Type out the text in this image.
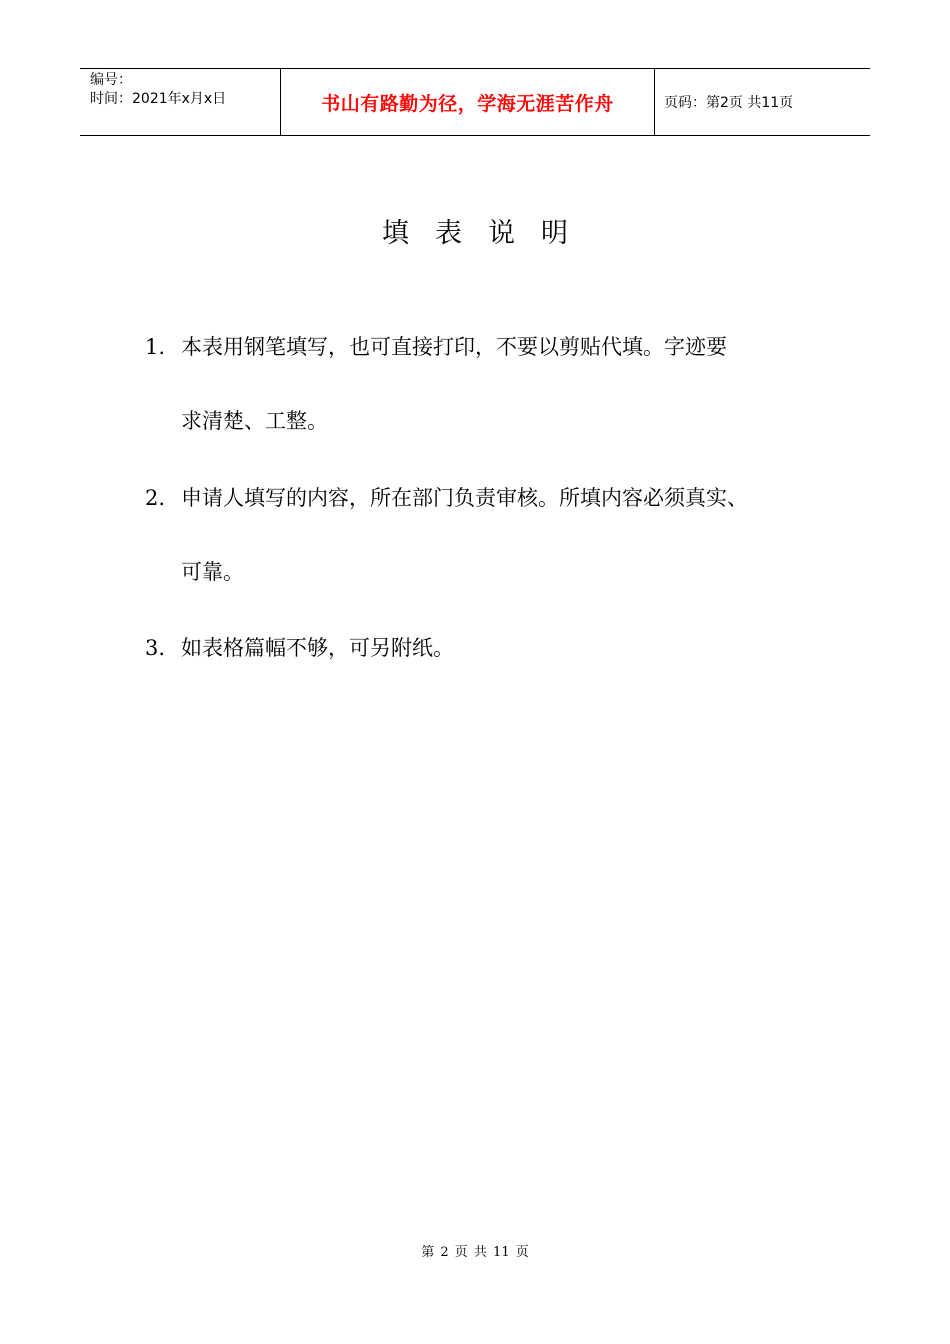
编号：
时间：2021年x月x日	书山有路勤为径，学海无涯苦作舟	页码：第2页 共11页
填表说明
1. 本表用钢笔填写，也可直接打印，不要以剪贴代填。字迹要
求清楚、工整。
2. 申请人填写的内容，所在部门负责审核。所填内容必须真实、
可靠。
3. 如表格篇幅不够，可另附纸。
第 2 页 共 11 页
